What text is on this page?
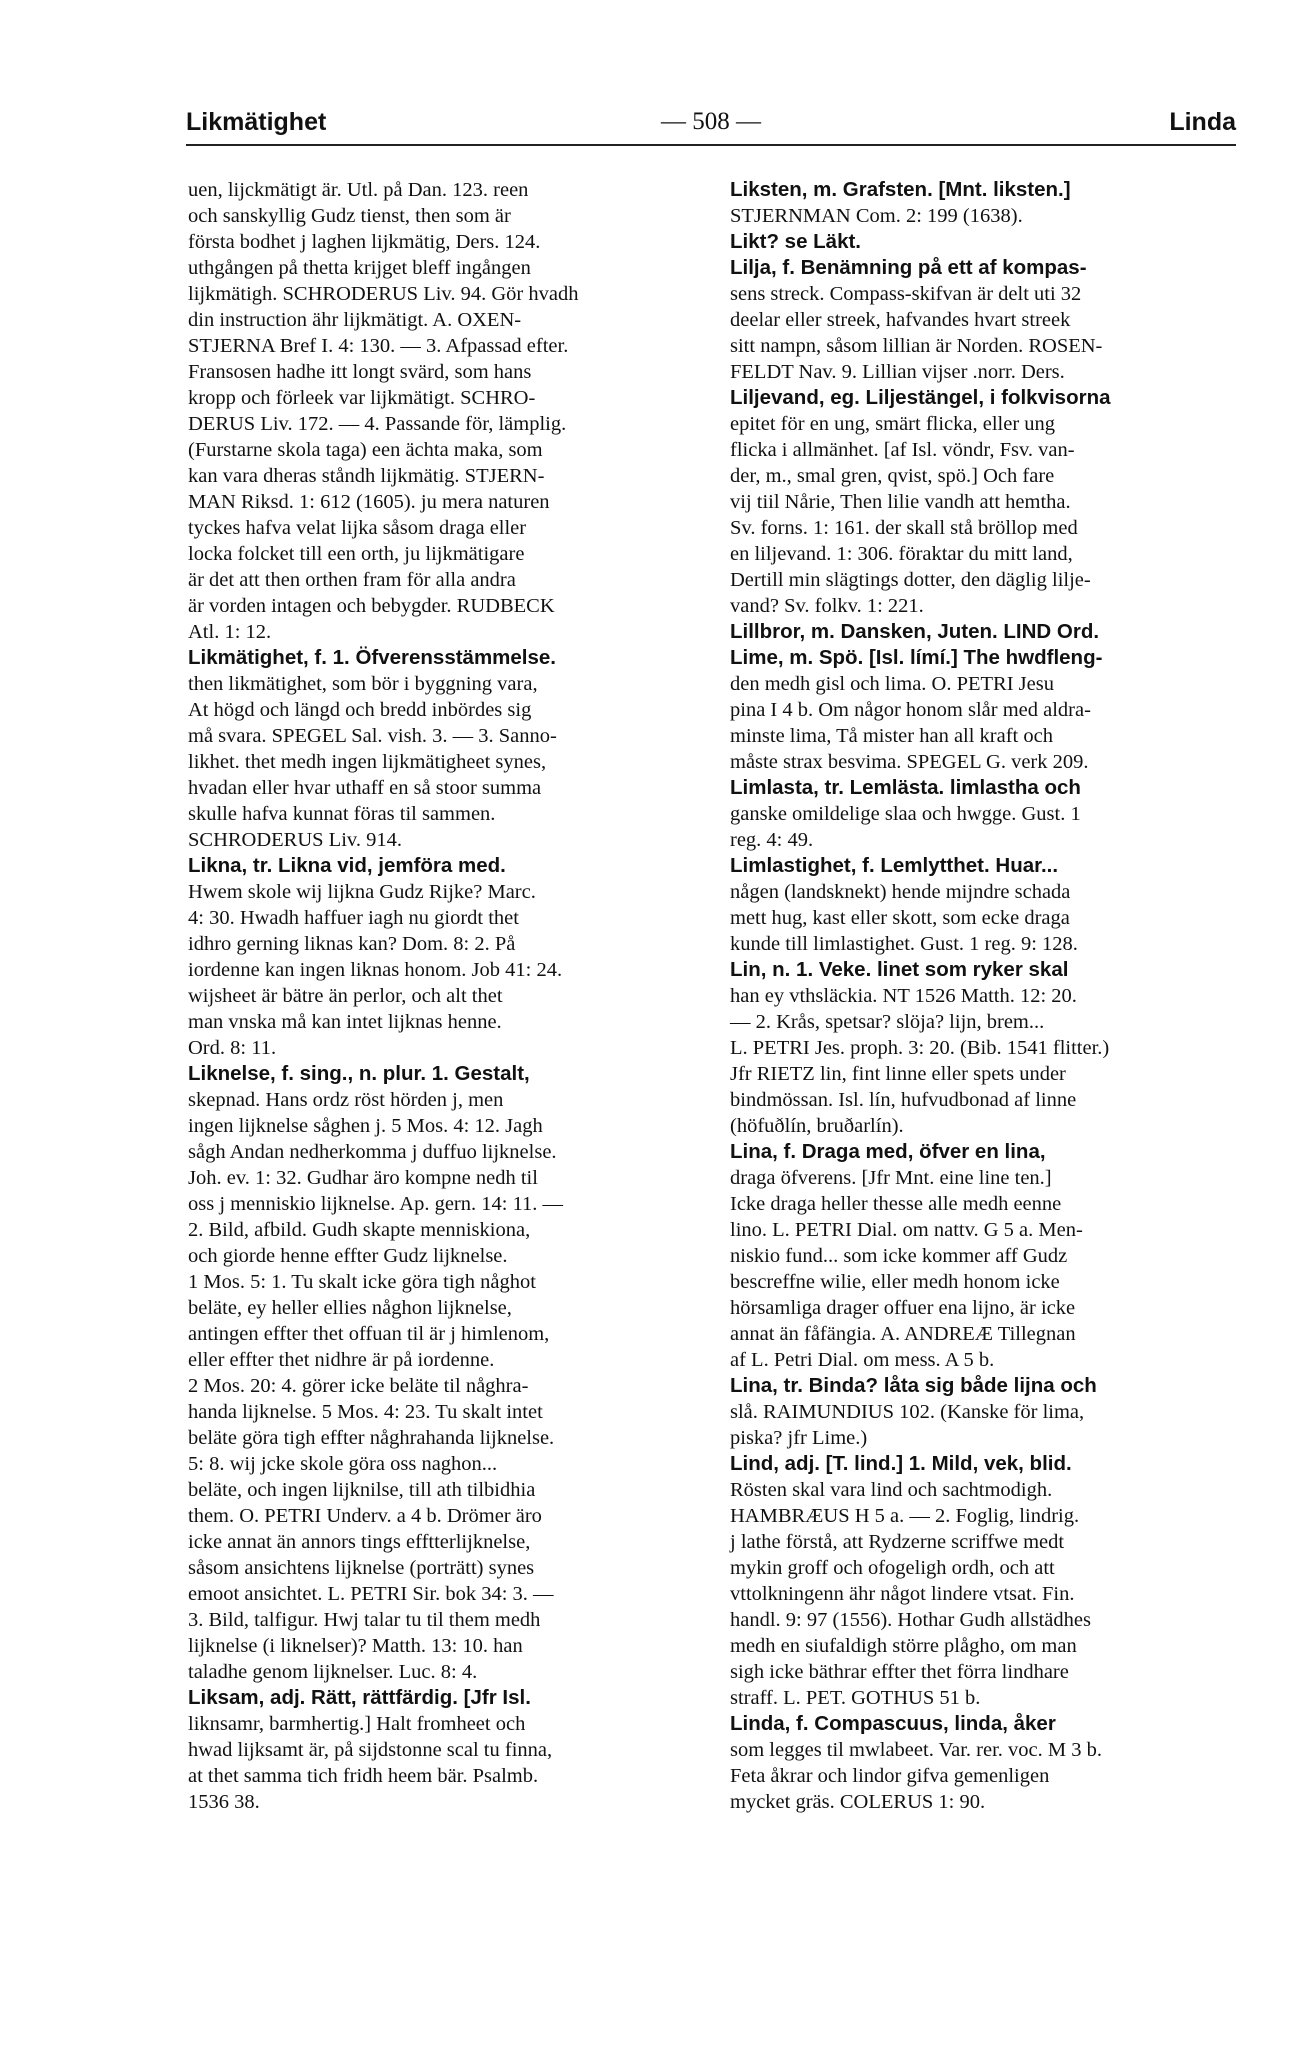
Likmätighet	— 508 —	Linda
uen, lijckmätigt är. Utl. på Dan. 123. reen
och sanskyllig Gudz tienst, then som är
första bodhet j laghen lijkmätig, Ders. 124.
uthgången på thetta krijget bleff ingången
lijkmätigh. SCHRODERUS Liv. 94. Gör hvadh
din instruction ähr lijkmätigt. A. OXEN-
STJERNA Bref I. 4: 130. — 3. Afpassad efter.
Fransosen hadhe itt longt svärd, som hans
kropp och förleek var lijkmätigt. SCHRO-
DERUS Liv. 172. — 4. Passande för, lämplig.
(Furstarne skola taga) een ächta maka, som
kan vara dheras ståndh lijkmätig. STJERN-
MAN Riksd. 1: 612 (1605). ju mera naturen
tyckes hafva velat lijka såsom draga eller
locka folcket till een orth, ju lijkmätigare
är det att then orthen fram för alla andra
är vorden intagen och bebygder. RUDBECK
Atl. 1: 12.
Likmätighet, f. 1. Öfverensstämmelse.
then likmätighet, som bör i byggning vara,
At högd och längd och bredd inbördes sig
må svara. SPEGEL Sal. vish. 3. — 3. Sanno-
likhet. thet medh ingen lijkmätigheet synes,
hvadan eller hvar uthaff en så stoor summa
skulle hafva kunnat föras til sammen.
SCHRODERUS Liv. 914.
Likna, tr. Likna vid, jemföra med.
Hwem skole wij lijkna Gudz Rijke? Marc.
4: 30. Hwadh haffuer iagh nu giordt thet
idhro gerning liknas kan? Dom. 8: 2. På
iordenne kan ingen liknas honom. Job 41: 24.
wijsheet är bätre än perlor, och alt thet
man vnska må kan intet lijknas henne.
Ord. 8: 11.
Liknelse, f. sing., n. plur. 1. Gestalt,
skepnad. Hans ordz röst hörden j, men
ingen lijknelse såghen j. 5 Mos. 4: 12. Jagh
sågh Andan nedherkomma j duffuo lijknelse.
Joh. ev. 1: 32. Gudhar äro kompne nedh til
oss j menniskio lijknelse. Ap. gern. 14: 11. —
2. Bild, afbild. Gudh skapte menniskiona,
och giorde henne effter Gudz lijknelse.
1 Mos. 5: 1. Tu skalt icke göra tigh någhot
beläte, ey heller ellies någhon lijknelse,
antingen effter thet offuan til är j himlenom,
eller effter thet nidhre är på iordenne.
2 Mos. 20: 4. görer icke beläte til någhra-
handa lijknelse. 5 Mos. 4: 23. Tu skalt intet
beläte göra tigh effter någhrahanda lijknelse.
5: 8. wij jcke skole göra oss naghon...
beläte, och ingen lijknilse, till ath tilbidhia
them. O. PETRI Underv. a 4 b. Drömer äro
icke annat än annors tings efftterlijknelse,
såsom ansichtens lijknelse (porträtt) synes
emoot ansichtet. L. PETRI Sir. bok 34: 3. —
3. Bild, talfigur. Hwj talar tu til them medh
lijknelse (i liknelser)? Matth. 13: 10. han
taladhe genom lijknelser. Luc. 8: 4.
Liksam, adj. Rätt, rättfärdig. [Jfr Isl.
liknsamr, barmhertig.] Halt fromheet och
hwad lijksamt är, på sijdstonne scal tu finna,
at thet samma tich fridh heem bär. Psalmb.
1536 38.
Liksten, m. Grafsten. [Mnt. liksten.]
STJERNMAN Com. 2: 199 (1638).
Likt? se Läkt.
Lilja, f. Benämning på ett af kompas-
sens streck. Compass-skifvan är delt uti 32
deelar eller streek, hafvandes hvart streek
sitt nampn, såsom lillian är Norden. ROSEN-
FELDT Nav. 9. Lillian vijser .norr. Ders.
Liljevand, eg. Liljestängel, i folkvisorna
epitet för en ung, smärt flicka, eller ung
flicka i allmänhet. [af Isl. vöndr, Fsv. van-
der, m., smal gren, qvist, spö.] Och fare
vij tiil Nårie, Then lilie vandh att hemtha.
Sv. forns. 1: 161. der skall stå bröllop med
en liljevand. 1: 306. föraktar du mitt land,
Dertill min slägtings dotter, den däglig lilje-
vand? Sv. folkv. 1: 221.
Lillbror, m. Dansken, Juten. LIND Ord.
Lime, m. Spö. [Isl. límí.] The hwdfleng-
den medh gisl och lima. O. PETRI Jesu
pina I 4 b. Om någor honom slår med aldra-
minste lima, Tå mister han all kraft och
måste strax besvima. SPEGEL G. verk 209.
Limlasta, tr. Lemlästa. limlastha och
ganske omildelige slaa och hwgge. Gust. 1
reg. 4: 49.
Limlastighet, f. Lemlytthet. Huar...
någen (landsknekt) hende mijndre schada
mett hug, kast eller skott, som ecke draga
kunde till limlastighet. Gust. 1 reg. 9: 128.
Lin, n. 1. Veke. linet som ryker skal
han ey vthsläckia. NT 1526 Matth. 12: 20.
— 2. Krås, spetsar? slöja? lijn, brem...
L. PETRI Jes. proph. 3: 20. (Bib. 1541 flitter.)
Jfr RIETZ lin, fint linne eller spets under
bindmössan. Isl. lín, hufvudbonad af linne
(höfuðlín, bruðarlín).
Lina, f. Draga med, öfver en lina,
draga öfverens. [Jfr Mnt. eine line ten.]
Icke draga heller thesse alle medh eenne
lino. L. PETRI Dial. om nattv. G 5 a. Men-
niskio fund... som icke kommer aff Gudz
bescreffne wilie, eller medh honom icke
hörsamliga drager offuer ena lijno, är icke
annat än fåfängia. A. ANDREÆ Tillegnan
af L. Petri Dial. om mess. A 5 b.
Lina, tr. Binda? låta sig både lijna och
slå. RAIMUNDIUS 102. (Kanske för lima,
piska? jfr Lime.)
Lind, adj. [T. lind.] 1. Mild, vek, blid.
Rösten skal vara lind och sachtmodigh.
HAMBRÆUS H 5 a. — 2. Foglig, lindrig.
j lathe förstå, att Rydzerne scriffwe medt
mykin groff och ofogeligh ordh, och att
vttolkningenn ähr något lindere vtsat. Fin.
handl. 9: 97 (1556). Hothar Gudh allstädhes
medh en siufaldigh större plågho, om man
sigh icke bäthrar effter thet förra lindhare
straff. L. PET. GOTHUS 51 b.
Linda, f. Compascuus, linda, åker
som legges til mwlabeet. Var. rer. voc. M 3 b.
Feta åkrar och lindor gifva gemenligen
mycket gräs. COLERUS 1: 90.
